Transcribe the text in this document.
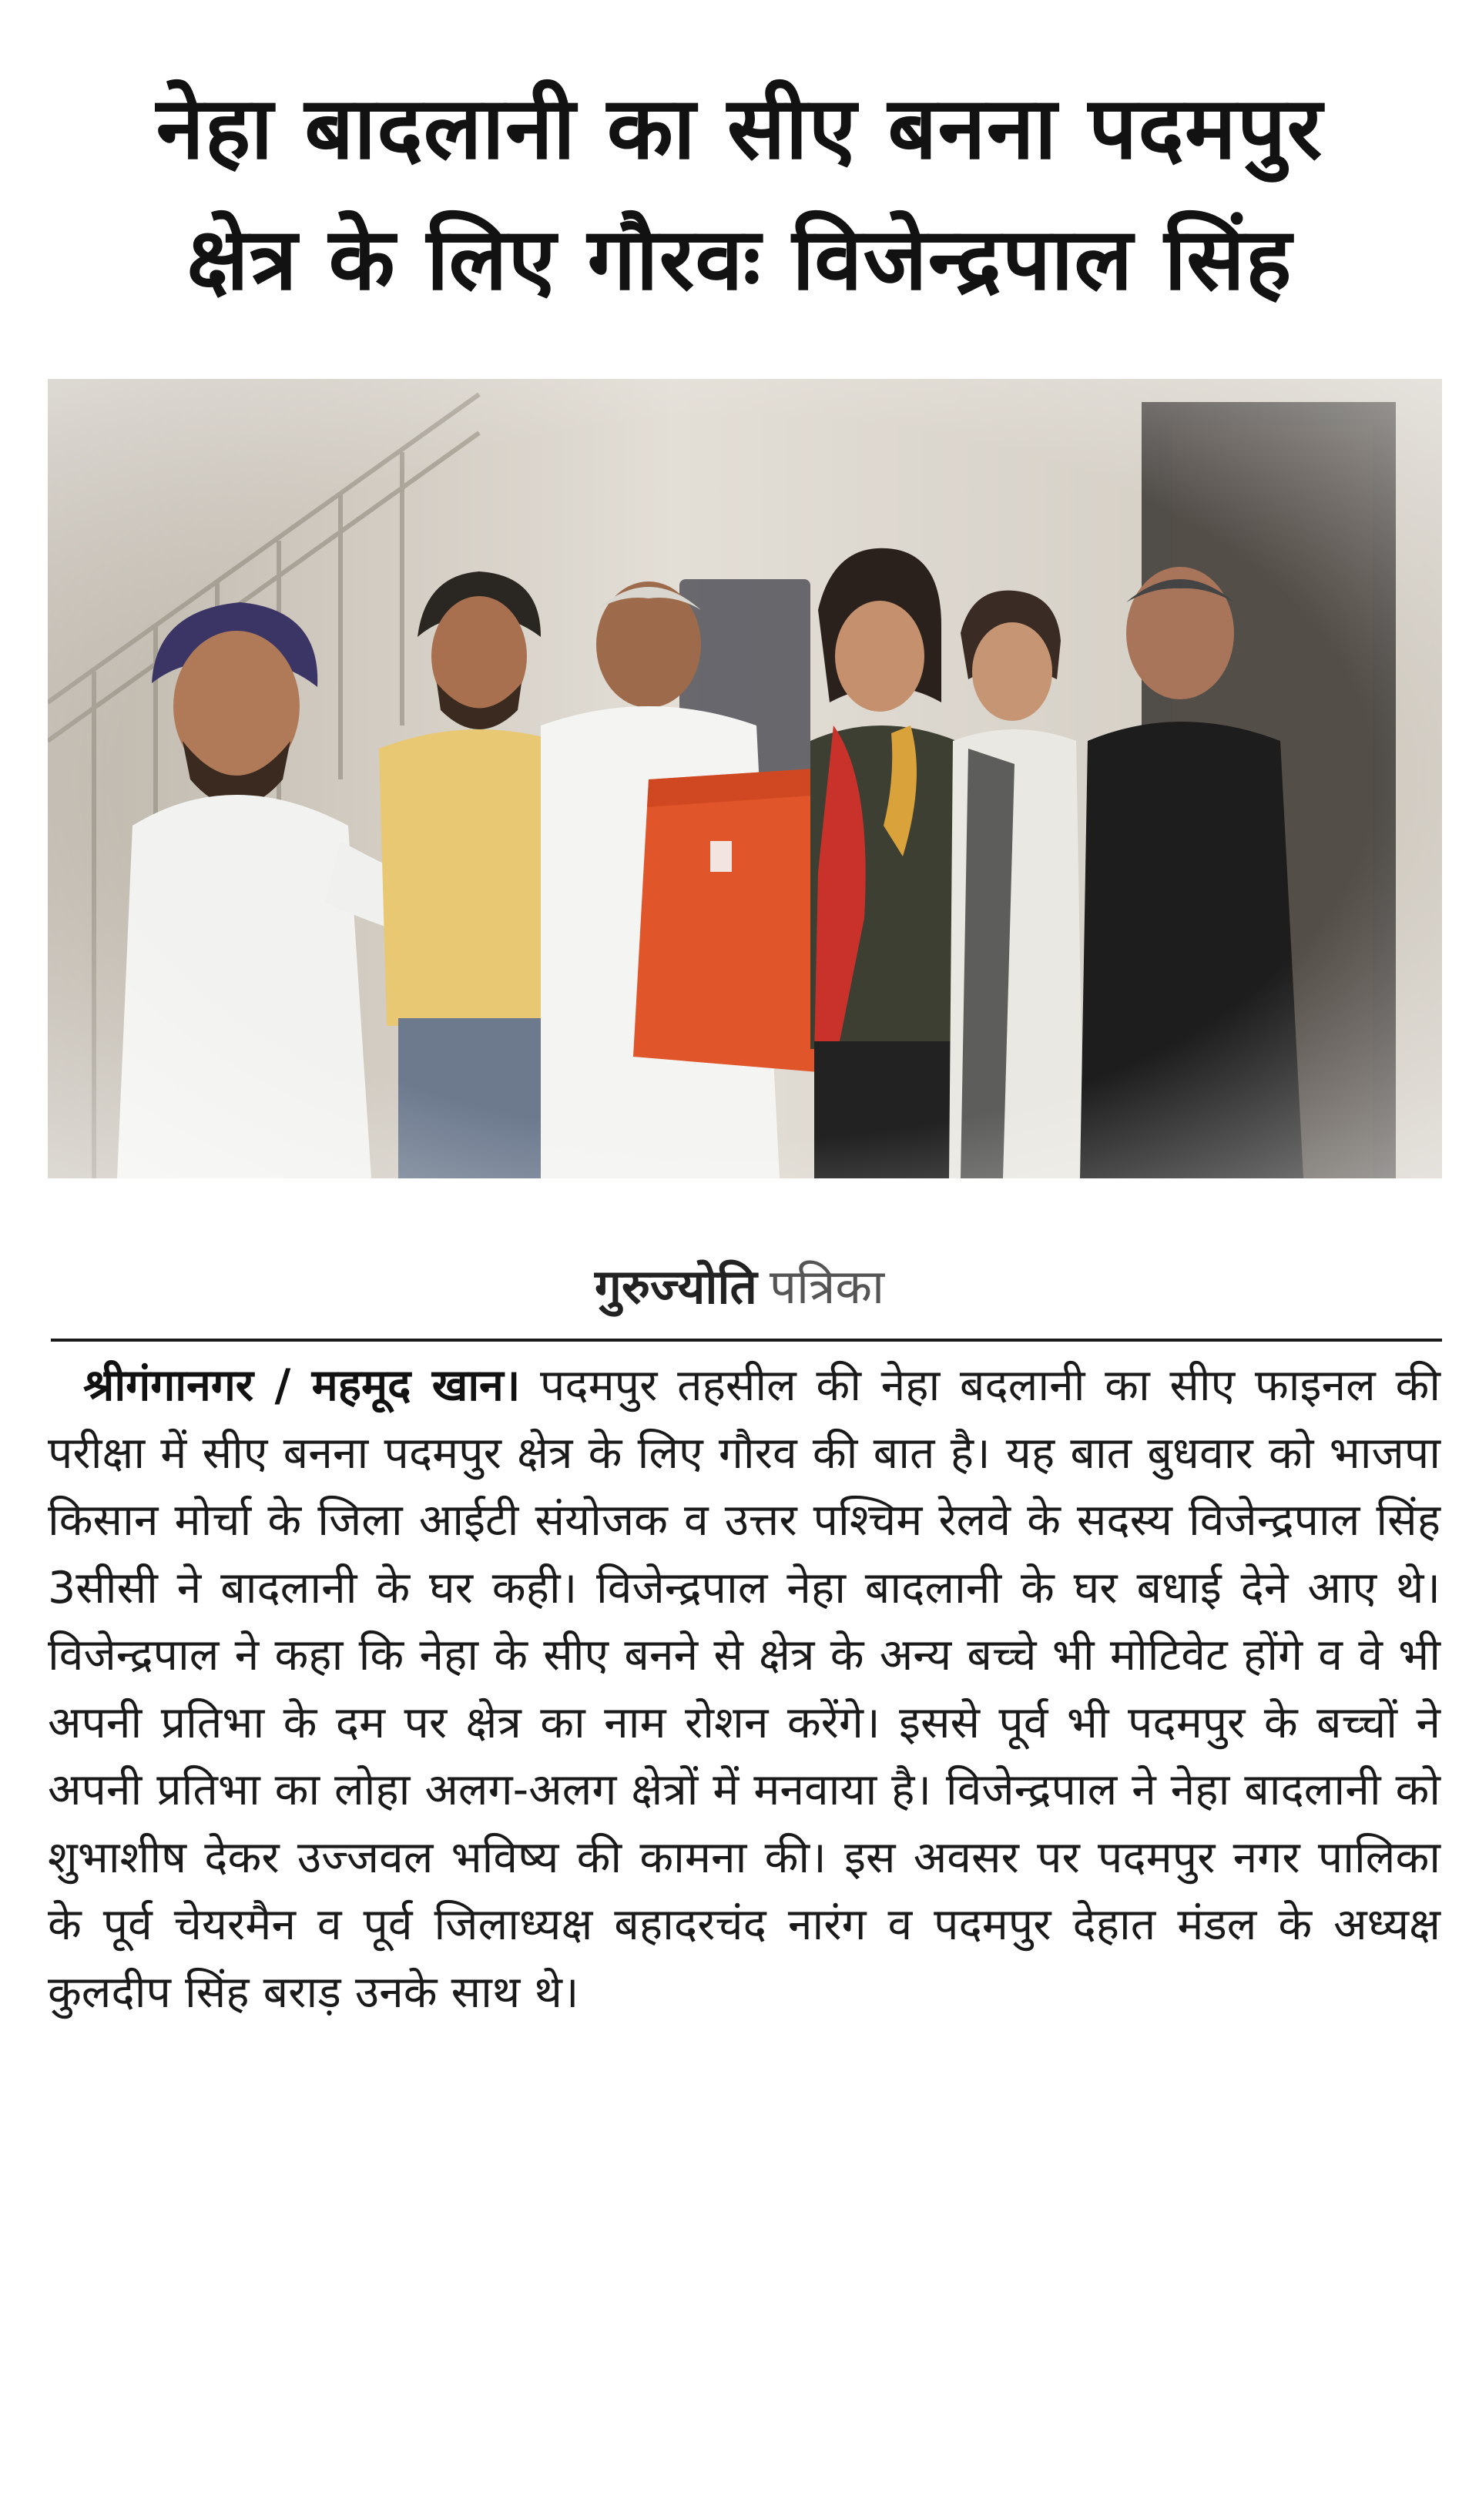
नेहा बादलानी का सीए बनना पदमपुर
क्षेत्र के लिए गौरवः विजेन्द्रपाल सिंह
गुरुज्योति पत्रिका

श्रीगंगानगर / महमूद खान। पदमपुर तहसील की नेहा बदलानी का सीए फाइनल की परीक्षा में सीए बनना पदमपुर क्षेत्र के लिए गौरव की बात है। यह बात बुधवार को भाजपा किसान मोर्चा के जिला आईटी संयोजक व उत्तर पश्चिम रेलवे के सदस्य विजेन्द्रपाल सिंह 3सीसी ने बादलानी के घर कही। विजेन्द्रपाल नेहा बादलानी के घर बधाई देने आए थे। विजेन्द्रपाल ने कहा कि नेहा के सीए बनने से क्षेत्र के अन्य बच्चे भी मोटिवेट होंगे व वे भी अपनी प्रतिभा के दम पर क्षेत्र का नाम रोशन करेंगे। इससे पूर्व भी पदमपुर के बच्चों ने अपनी प्रतिभा का लोहा अलग-अलग क्षेत्रों में मनवाया है। विजेन्द्रपाल ने नेहा बादलानी को शुभाशीष देकर उज्जवल भविष्य की कामना की। इस अवसर पर पदमपुर नगर पालिका के पूर्व चेयरमैन व पूर्व जिलाध्यक्ष बहादरचंद नारंग व पदमपुर देहात मंडल के अध्यक्ष कुलदीप सिंह बराड़ उनके साथ थे।
